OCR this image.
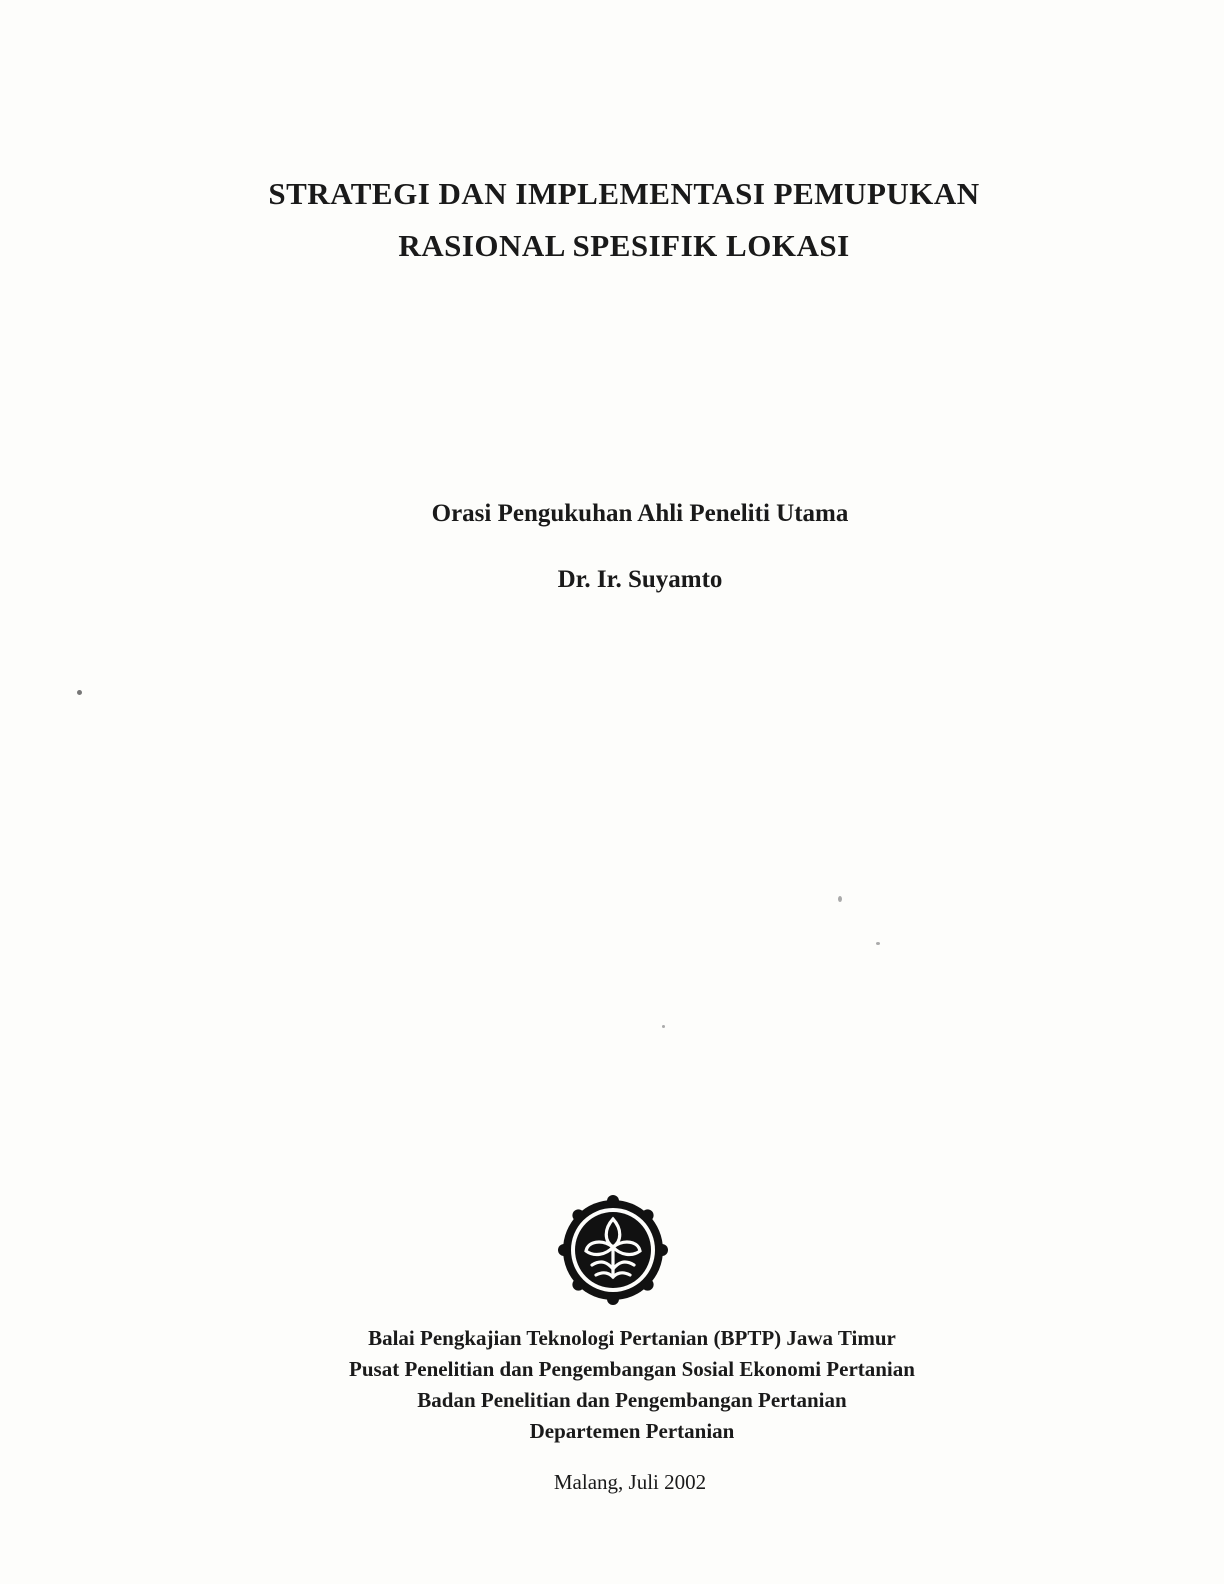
STRATEGI DAN IMPLEMENTASI PEMUPUKAN
RASIONAL SPESIFIK LOKASI
Orasi Pengukuhan Ahli Peneliti Utama
Dr. Ir. Suyamto
Balai Pengkajian Teknologi Pertanian (BPTP) Jawa Timur
Pusat Penelitian dan Pengembangan Sosial Ekonomi Pertanian
Badan Penelitian dan Pengembangan Pertanian
Departemen Pertanian
Malang, Juli 2002
